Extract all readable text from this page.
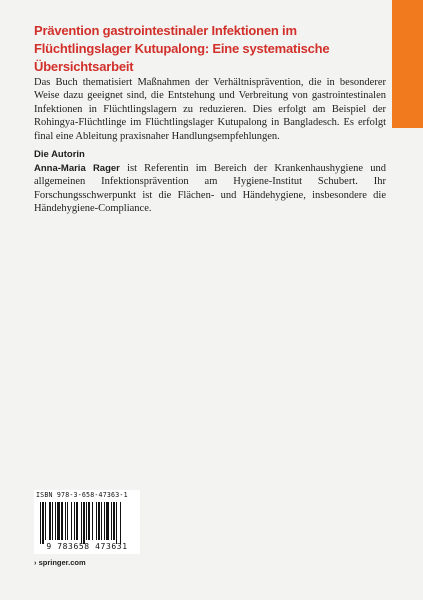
Prävention gastrointestinaler Infektionen im Flüchtlingslager Kutupalong: Eine systematische Übersichtsarbeit
Das Buch thematisiert Maßnahmen der Verhältnisprävention, die in besonderer Weise dazu geeignet sind, die Entstehung und Verbreitung von gastrointestinalen Infektionen in Flüchtlingslagern zu reduzieren. Dies erfolgt am Beispiel der Rohingya-Flüchtlinge im Flüchtlingslager Kutupalong in Bangladesch. Es erfolgt final eine Ableitung praxisnaher Handlungsempfehlungen.
Die Autorin
Anna-Maria Rager ist Referentin im Bereich der Krankenhaushygiene und allgemeinen Infektionsprävention am Hygiene-Institut Schubert. Ihr Forschungsschwerpunkt ist die Flächen- und Händehygiene, insbesondere die Händehygiene-Compliance.
ISBN 978-3-658-47363-1
9 783658 473631
› springer.com
